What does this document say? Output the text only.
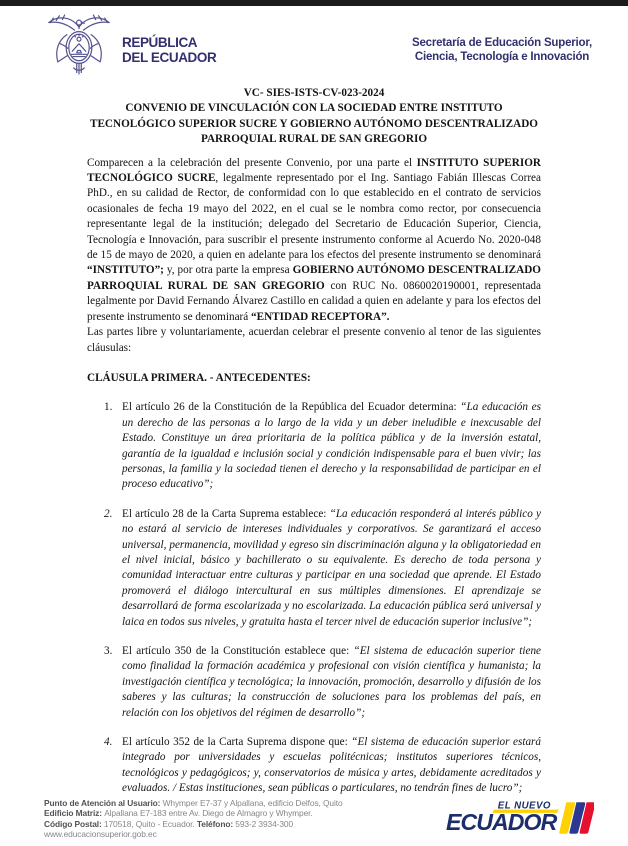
REPÚBLICA
DEL ECUADOR
Secretaría de Educación Superior,
Ciencia, Tecnología e Innovación
VC- SIES-ISTS-CV-023-2024
CONVENIO DE VINCULACIÓN CON LA SOCIEDAD ENTRE INSTITUTO TECNOLÓGICO SUPERIOR SUCRE Y GOBIERNO AUTÓNOMO DESCENTRALIZADO PARROQUIAL RURAL DE SAN GREGORIO
Comparecen a la celebración del presente Convenio, por una parte el INSTITUTO SUPERIOR TECNOLÓGICO SUCRE, legalmente representado por el Ing. Santiago Fabián Illescas Correa PhD., en su calidad de Rector, de conformidad con lo que establecido en el contrato de servicios ocasionales de fecha 19 mayo del 2022, en el cual se le nombra como rector, por consecuencia representante legal de la institución; delegado del Secretario de Educación Superior, Ciencia, Tecnología e Innovación, para suscribir el presente instrumento conforme al Acuerdo No. 2020-048 de 15 de mayo de 2020, a quien en adelante para los efectos del presente instrumento se denominará “INSTITUTO”; y, por otra parte la empresa GOBIERNO AUTÓNOMO DESCENTRALIZADO PARROQUIAL RURAL DE SAN GREGORIO con RUC No. 0860020190001, representada legalmente por David Fernando Álvarez Castillo en calidad a quien en adelante y para los efectos del presente instrumento se denominará “ENTIDAD RECEPTORA”.
Las partes libre y voluntariamente, acuerdan celebrar el presente convenio al tenor de las siguientes cláusulas:
CLÁUSULA PRIMERA. - ANTECEDENTES:
1. El artículo 26 de la Constitución de la República del Ecuador determina: “La educación es un derecho de las personas a lo largo de la vida y un deber ineludible e inexcusable del Estado. Constituye un área prioritaria de la política pública y de la inversión estatal, garantía de la igualdad e inclusión social y condición indispensable para el buen vivir; las personas, la familia y la sociedad tienen el derecho y la responsabilidad de participar en el proceso educativo”;
2. El artículo 28 de la Carta Suprema establece: “La educación responderá al interés público y no estará al servicio de intereses individuales y corporativos. Se garantizará el acceso universal, permanencia, movilidad y egreso sin discriminación alguna y la obligatoriedad en el nivel inicial, básico y bachillerato o su equivalente. Es derecho de toda persona y comunidad interactuar entre culturas y participar en una sociedad que aprende. El Estado promoverá el diálogo intercultural en sus múltiples dimensiones. El aprendizaje se desarrollará de forma escolarizada y no escolarizada. La educación pública será universal y laica en todos sus niveles, y gratuita hasta el tercer nivel de educación superior inclusive”;
3. El artículo 350 de la Constitución establece que: “El sistema de educación superior tiene como finalidad la formación académica y profesional con visión científica y humanista; la investigación científica y tecnológica; la innovación, promoción, desarrollo y difusión de los saberes y las culturas; la construcción de soluciones para los problemas del país, en relación con los objetivos del régimen de desarrollo”;
4. El artículo 352 de la Carta Suprema dispone que: “El sistema de educación superior estará integrado por universidades y escuelas politécnicas; institutos superiores técnicos, tecnológicos y pedagógicos; y, conservatorios de música y artes, debidamente acreditados y evaluados. / Estas instituciones, sean públicas o particulares, no tendrán fines de lucro”;
Punto de Atención al Usuario: Whymper E7-37 y Alpallana, edificio Delfos, Quito
Edificio Matriz: Alpallana E7-183 entre Av. Diego de Almagro y Whymper.
Código Postal: 170518, Quito - Ecuador. Teléfono: 593-2 3934-300
www.educacionsuperior.gob.ec
EL NUEVO
ECUADOR
